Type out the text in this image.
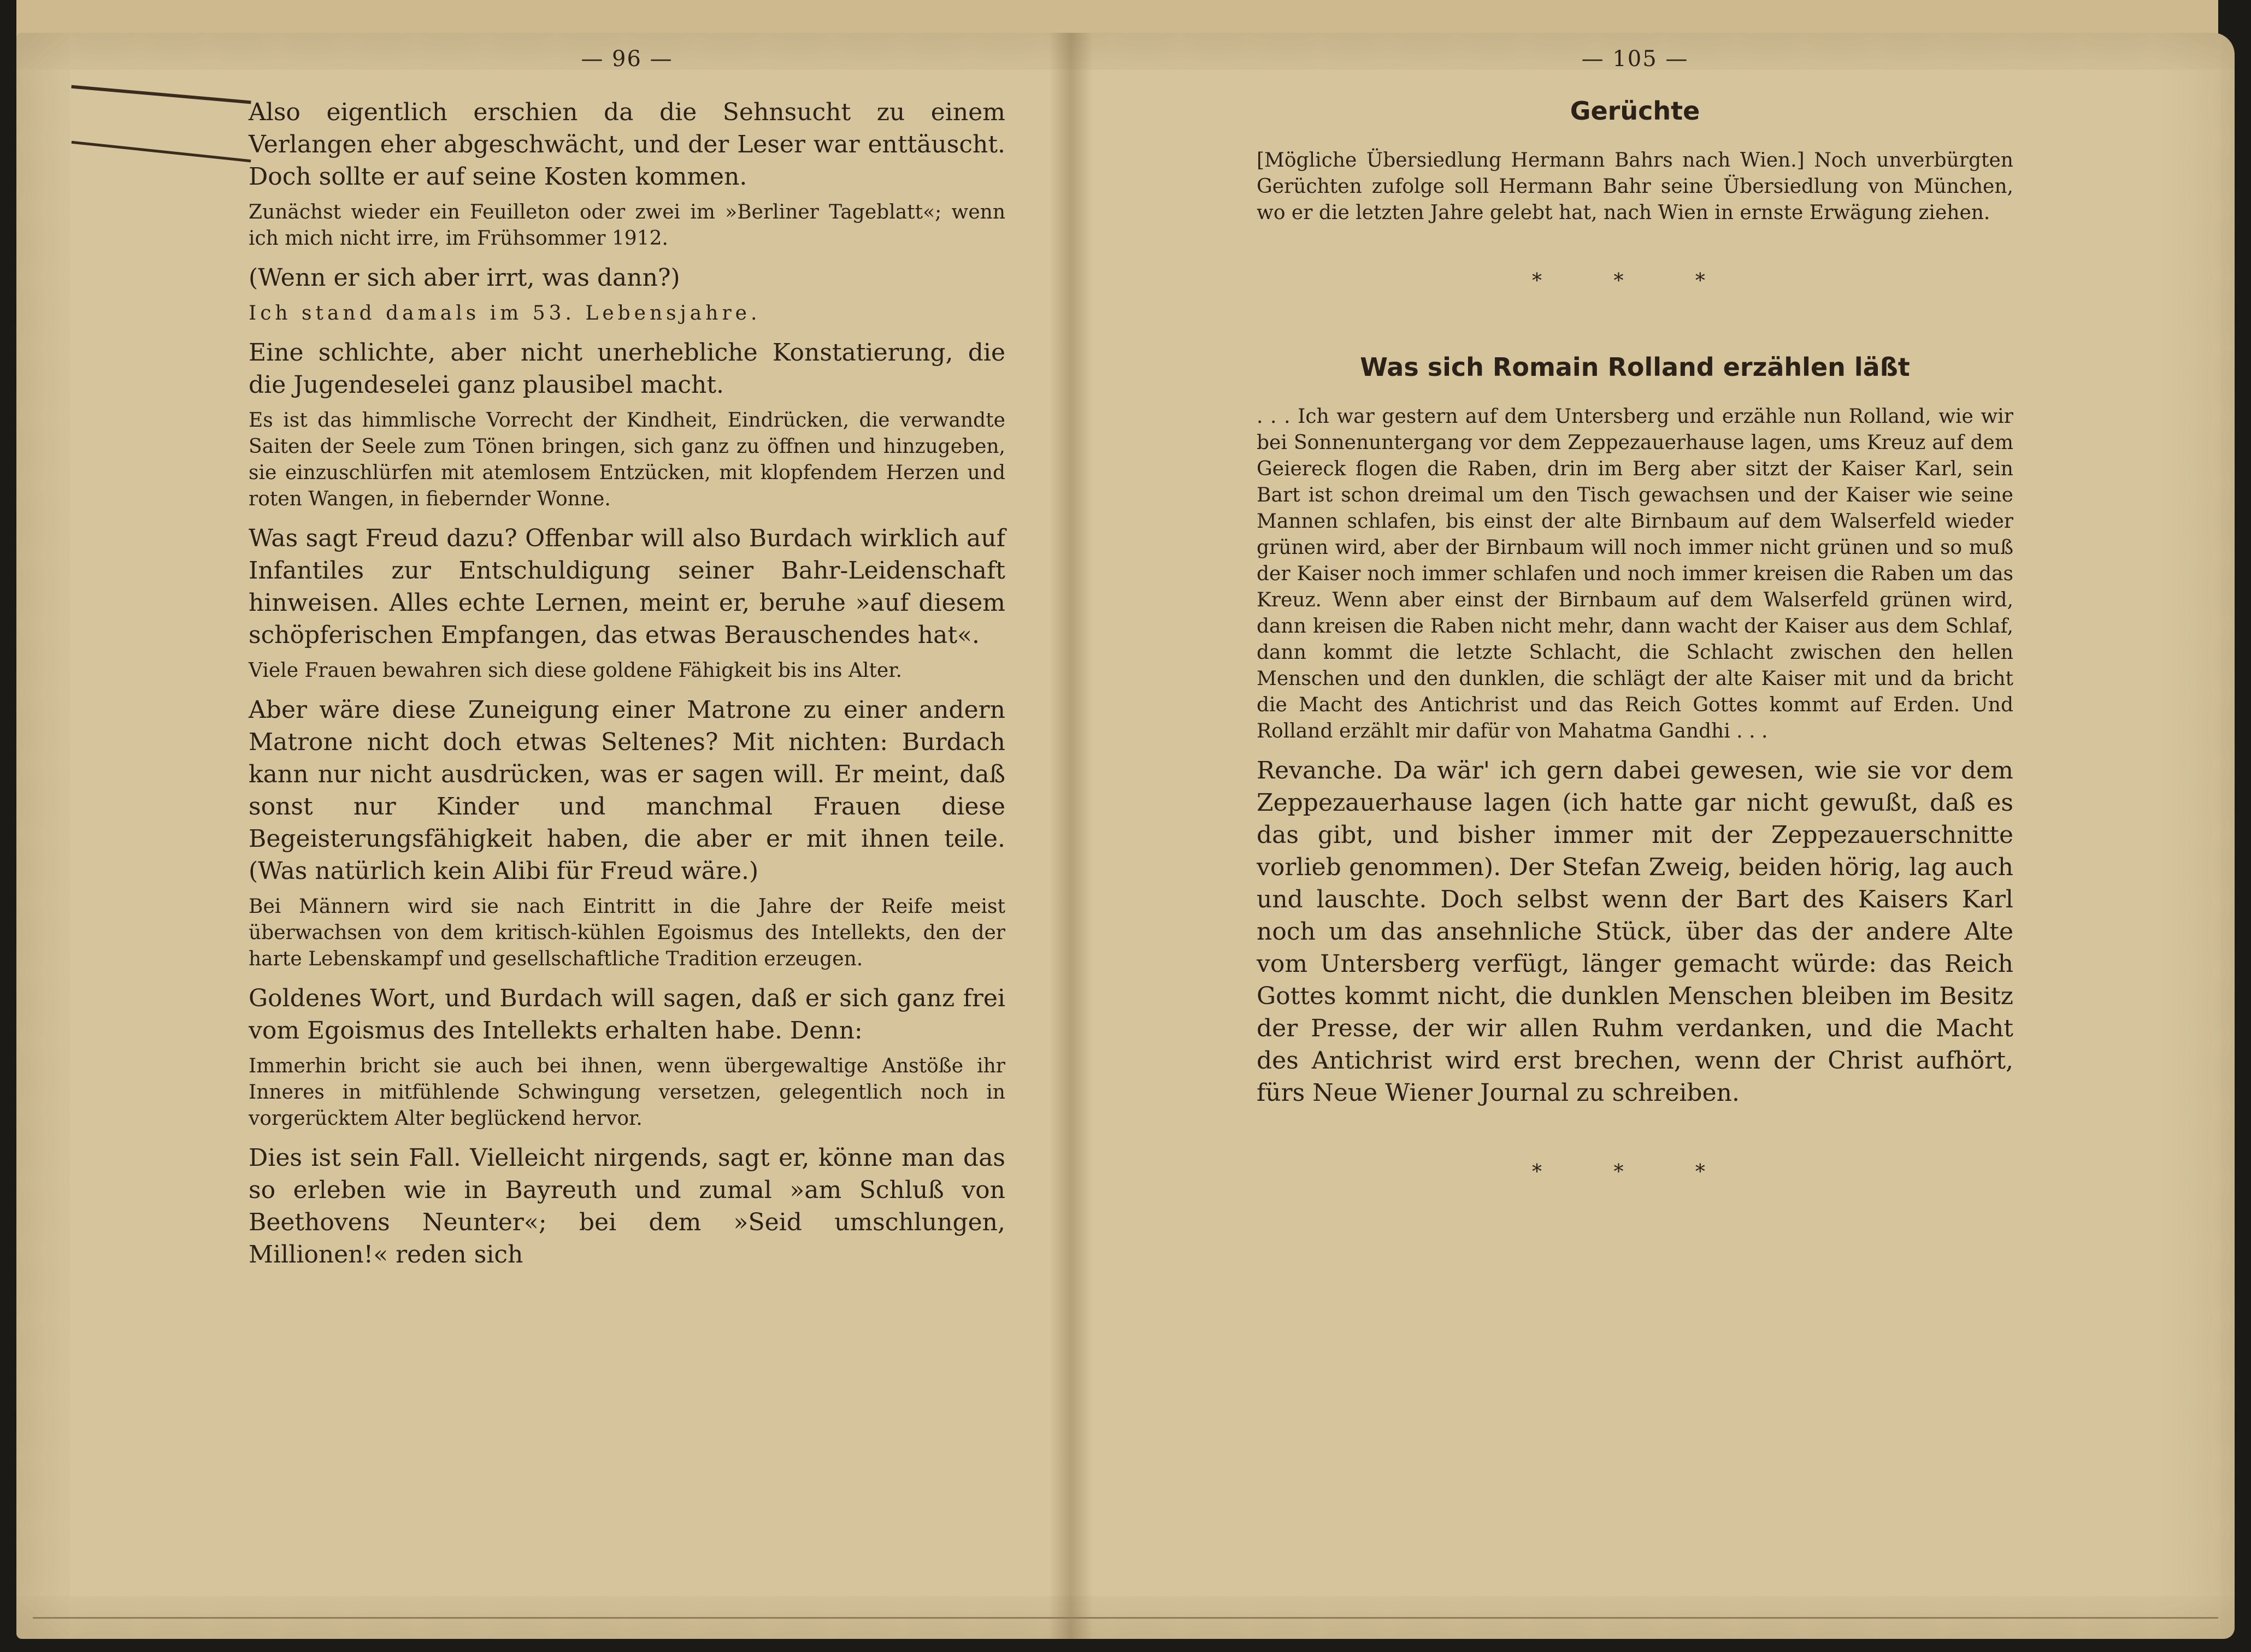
— 96 —

Also eigentlich erschien da die Sehnsucht zu einem Verlangen eher abgeschwächt, und der Leser war enttäuscht. Doch sollte er auf seine Kosten kommen.

Zunächst wieder ein Feuilleton oder zwei im »Berliner Tageblatt«; wenn ich mich nicht irre, im Frühsommer 1912.

(Wenn er sich aber irrt, was dann?)

Ich stand damals im 53. Lebensjahre.

Eine schlichte, aber nicht unerhebliche Konstatierung, die die Jugendeselei ganz plausibel macht.

Es ist das himmlische Vorrecht der Kindheit, Eindrücken, die verwandte Saiten der Seele zum Tönen bringen, sich ganz zu öffnen und hinzugeben, sie einzuschlürfen mit atemlosem Entzücken, mit klopfendem Herzen und roten Wangen, in fiebernder Wonne.

Was sagt Freud dazu? Offenbar will also Burdach wirklich auf Infantiles zur Entschuldigung seiner Bahr-Leidenschaft hinweisen. Alles echte Lernen, meint er, beruhe »auf diesem schöpferischen Empfangen, das etwas Berauschendes hat«.

Viele Frauen bewahren sich diese goldene Fähigkeit bis ins Alter.

Aber wäre diese Zuneigung einer Matrone zu einer andern Matrone nicht doch etwas Seltenes? Mit nichten: Burdach kann nur nicht ausdrücken, was er sagen will. Er meint, daß sonst nur Kinder und manchmal Frauen diese Begeisterungsfähigkeit haben, die aber er mit ihnen teile. (Was natürlich kein Alibi für Freud wäre.)

Bei Männern wird sie nach Eintritt in die Jahre der Reife meist überwachsen von dem kritisch-kühlen Egoismus des Intellekts, den der harte Lebenskampf und gesellschaftliche Tradition erzeugen.

Goldenes Wort, und Burdach will sagen, daß er sich ganz frei vom Egoismus des Intellekts erhalten habe. Denn:

Immerhin bricht sie auch bei ihnen, wenn übergewaltige Anstöße ihr Inneres in mitfühlende Schwingung versetzen, gelegentlich noch in vorgerücktem Alter beglückend hervor.

Dies ist sein Fall. Vielleicht nirgends, sagt er, könne man das so erleben wie in Bayreuth und zumal »am Schluß von Beethovens Neunter«; bei dem »Seid umschlungen, Millionen!« reden sich

— 105 —
Gerüchte

[Mögliche Übersiedlung Hermann Bahrs nach Wien.] Noch unverbürgten Gerüchten zufolge soll Hermann Bahr seine Übersiedlung von München, wo er die letzten Jahre gelebt hat, nach Wien in ernste Erwägung ziehen.

* * *
Was sich Romain Rolland erzählen läßt

. . . Ich war gestern auf dem Untersberg und erzähle nun Rolland, wie wir bei Sonnenuntergang vor dem Zeppezauerhause lagen, ums Kreuz auf dem Geiereck flogen die Raben, drin im Berg aber sitzt der Kaiser Karl, sein Bart ist schon dreimal um den Tisch gewachsen und der Kaiser wie seine Mannen schlafen, bis einst der alte Birnbaum auf dem Walserfeld wieder grünen wird, aber der Birnbaum will noch immer nicht grünen und so muß der Kaiser noch immer schlafen und noch immer kreisen die Raben um das Kreuz. Wenn aber einst der Birnbaum auf dem Walserfeld grünen wird, dann kreisen die Raben nicht mehr, dann wacht der Kaiser aus dem Schlaf, dann kommt die letzte Schlacht, die Schlacht zwischen den hellen Menschen und den dunklen, die schlägt der alte Kaiser mit und da bricht die Macht des Antichrist und das Reich Gottes kommt auf Erden. Und Rolland erzählt mir dafür von Mahatma Gandhi . . .

Revanche. Da wär' ich gern dabei gewesen, wie sie vor dem Zeppezauerhause lagen (ich hatte gar nicht gewußt, daß es das gibt, und bisher immer mit der Zeppezauerschnitte vorlieb genommen). Der Stefan Zweig, beiden hörig, lag auch und lauschte. Doch selbst wenn der Bart des Kaisers Karl noch um das ansehnliche Stück, über das der andere Alte vom Untersberg verfügt, länger gemacht würde: das Reich Gottes kommt nicht, die dunklen Menschen bleiben im Besitz der Presse, der wir allen Ruhm verdanken, und die Macht des Antichrist wird erst brechen, wenn der Christ aufhört, fürs Neue Wiener Journal zu schreiben.

* * *
